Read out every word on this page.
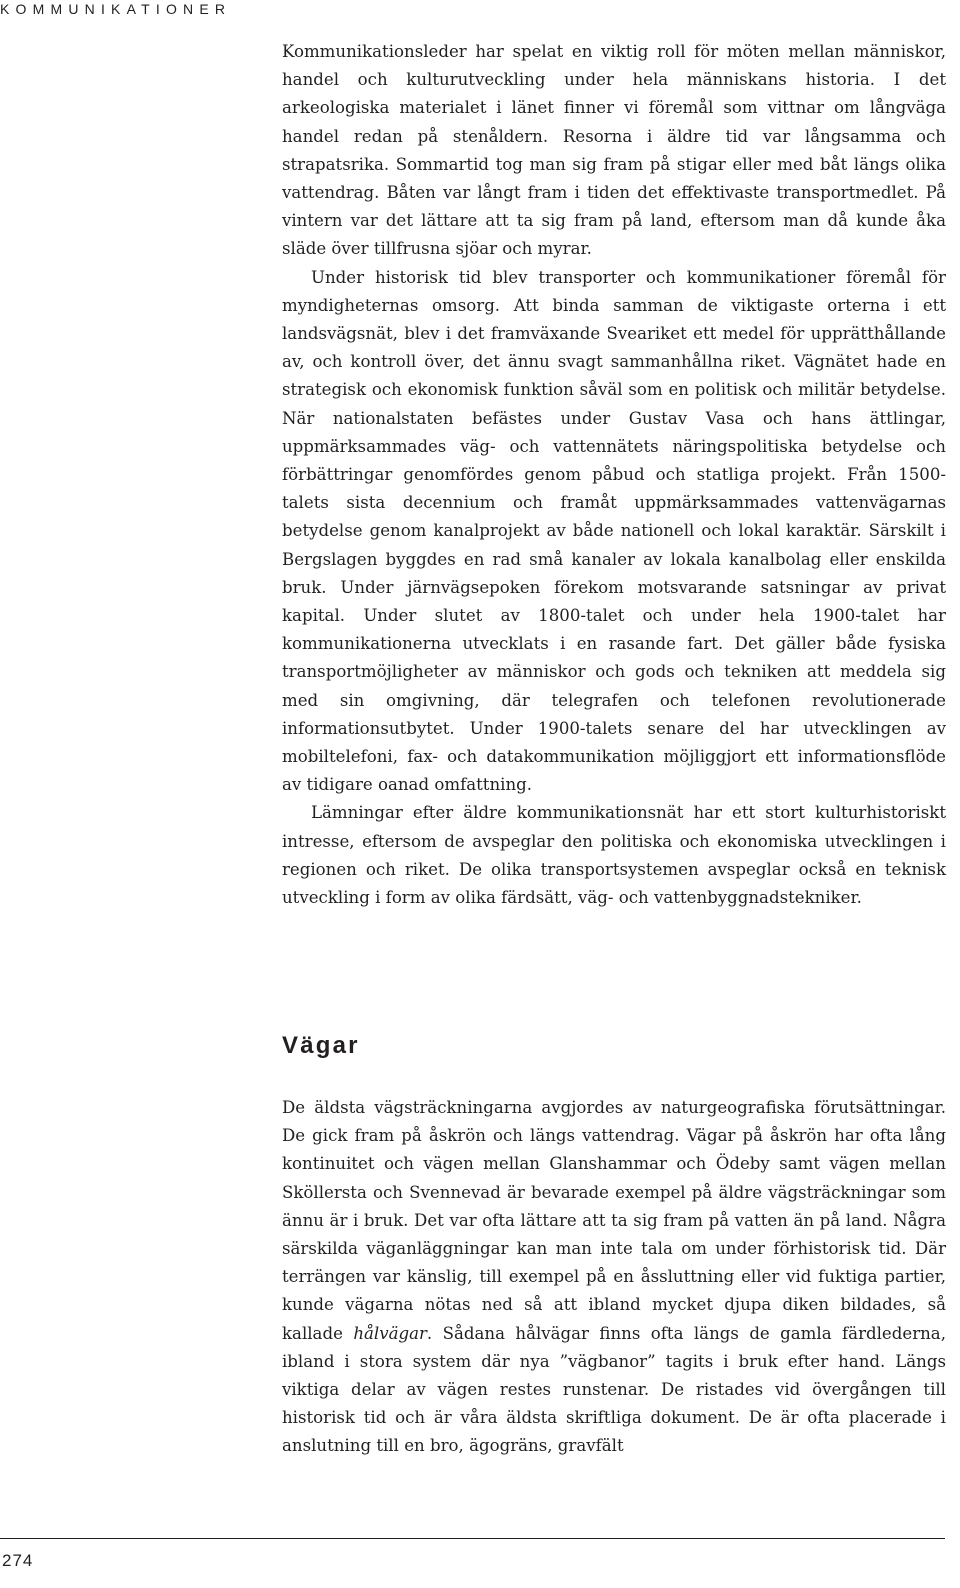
KOMMUNIKATIONER

Kommunikationsleder har spelat en viktig roll för möten mellan människor, handel och kulturutveckling under hela människans historia. I det arkeologiska materialet i länet finner vi föremål som vittnar om långväga handel redan på stenåldern. Resorna i äldre tid var långsamma och strapatsrika. Sommartid tog man sig fram på stigar eller med båt längs olika vattendrag. Båten var långt fram i tiden det effektivaste transportmedlet. På vintern var det lättare att ta sig fram på land, eftersom man då kunde åka släde över tillfrusna sjöar och myrar.

Under historisk tid blev transporter och kommunikationer föremål för myndigheternas omsorg. Att binda samman de viktigaste orterna i ett landsvägsnät, blev i det framväxande Sveariket ett medel för upprätthållande av, och kontroll över, det ännu svagt sammanhållna riket. Vägnätet hade en strategisk och ekonomisk funktion såväl som en politisk och militär betydelse. När nationalstaten befästes under Gustav Vasa och hans ättlingar, uppmärksammades väg- och vattennätets näringspolitiska betydelse och förbättringar genomfördes genom påbud och statliga projekt. Från 1500-talets sista decennium och framåt uppmärksammades vattenvägarnas betydelse genom kanalprojekt av både nationell och lokal karaktär. Särskilt i Bergslagen byggdes en rad små kanaler av lokala kanalbolag eller enskilda bruk. Under järnvägsepoken förekom motsvarande satsningar av privat kapital. Under slutet av 1800-talet och under hela 1900-talet har kommunikationerna utvecklats i en rasande fart. Det gäller både fysiska transportmöjligheter av människor och gods och tekniken att meddela sig med sin omgivning, där telegrafen och telefonen revolutionerade informationsutbytet. Under 1900-talets senare del har utvecklingen av mobiltelefoni, fax- och datakommunikation möjliggjort ett informationsflöde av tidigare oanad omfattning.

Lämningar efter äldre kommunikationsnät har ett stort kulturhistoriskt intresse, eftersom de avspeglar den politiska och ekonomiska utvecklingen i regionen och riket. De olika transportsystemen avspeglar också en teknisk utveckling i form av olika färdsätt, väg- och vattenbyggnadstekniker.

Vägar

De äldsta vägsträckningarna avgjordes av naturgeografiska förutsättningar. De gick fram på åskrön och längs vattendrag. Vägar på åskrön har ofta lång kontinuitet och vägen mellan Glanshammar och Ödeby samt vägen mellan Sköllersta och Svennevad är bevarade exempel på äldre vägsträckningar som ännu är i bruk. Det var ofta lättare att ta sig fram på vatten än på land. Några särskilda väganläggningar kan man inte tala om under förhistorisk tid. Där terrängen var känslig, till exempel på en åssluttning eller vid fuktiga partier, kunde vägarna nötas ned så att ibland mycket djupa diken bildades, så kallade hålvägar. Sådana hålvägar finns ofta längs de gamla färdlederna, ibland i stora system där nya ”vägbanor” tagits i bruk efter hand. Längs viktiga delar av vägen restes runstenar. De ristades vid övergången till historisk tid och är våra äldsta skriftliga dokument. De är ofta placerade i anslutning till en bro, ägogräns, gravfält

274
